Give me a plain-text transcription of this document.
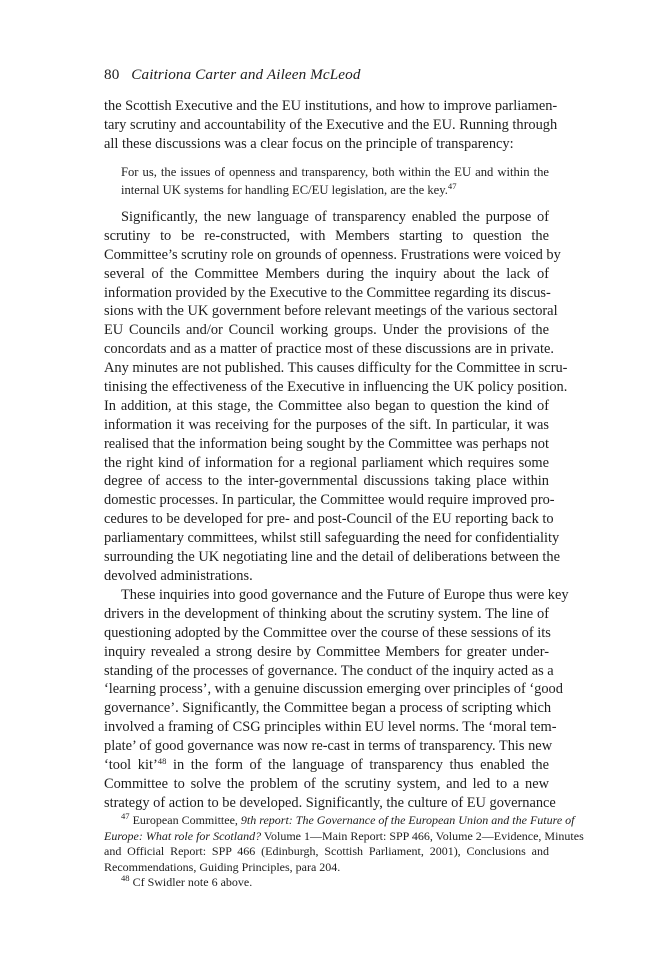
80 Caitriona Carter and Aileen McLeod
the Scottish Executive and the EU institutions, and how to improve parliamen-
tary scrutiny and accountability of the Executive and the EU. Running through
all these discussions was a clear focus on the principle of transparency:
For us, the issues of openness and transparency, both within the EU and within the
internal UK systems for handling EC/EU legislation, are the key.$^{47}$
Significantly, the new language of transparency enabled the purpose of
scrutiny to be re-constructed, with Members starting to question the
Committee’s scrutiny role on grounds of openness. Frustrations were voiced by
several of the Committee Members during the inquiry about the lack of
information provided by the Executive to the Committee regarding its discus-
sions with the UK government before relevant meetings of the various sectoral
EU Councils and/or Council working groups. Under the provisions of the
concordats and as a matter of practice most of these discussions are in private.
Any minutes are not published. This causes difficulty for the Committee in scru-
tinising the effectiveness of the Executive in influencing the UK policy position.
In addition, at this stage, the Committee also began to question the kind of
information it was receiving for the purposes of the sift. In particular, it was
realised that the information being sought by the Committee was perhaps not
the right kind of information for a regional parliament which requires some
degree of access to the inter-governmental discussions taking place within
domestic processes. In particular, the Committee would require improved pro-
cedures to be developed for pre- and post-Council of the EU reporting back to
parliamentary committees, whilst still safeguarding the need for confidentiality
surrounding the UK negotiating line and the detail of deliberations between the
devolved administrations.
These inquiries into good governance and the Future of Europe thus were key
drivers in the development of thinking about the scrutiny system. The line of
questioning adopted by the Committee over the course of these sessions of its
inquiry revealed a strong desire by Committee Members for greater under-
standing of the processes of governance. The conduct of the inquiry acted as a
‘learning process’, with a genuine discussion emerging over principles of ‘good
governance’. Significantly, the Committee began a process of scripting which
involved a framing of CSG principles within EU level norms. The ‘moral tem-
plate’ of good governance was now re-cast in terms of transparency. This new
‘tool kit’$^{48}$ in the form of the language of transparency thus enabled the
Committee to solve the problem of the scrutiny system, and led to a new
strategy of action to be developed. Significantly, the culture of EU governance
$^{47}$ European Committee, 9th report: The Governance of the European Union and the Future of
Europe: What role for Scotland? Volume 1—Main Report: SPP 466, Volume 2—Evidence, Minutes
and Official Report: SPP 466 (Edinburgh, Scottish Parliament, 2001), Conclusions and
Recommendations, Guiding Principles, para 204.
$^{48}$ Cf Swidler note 6 above.
